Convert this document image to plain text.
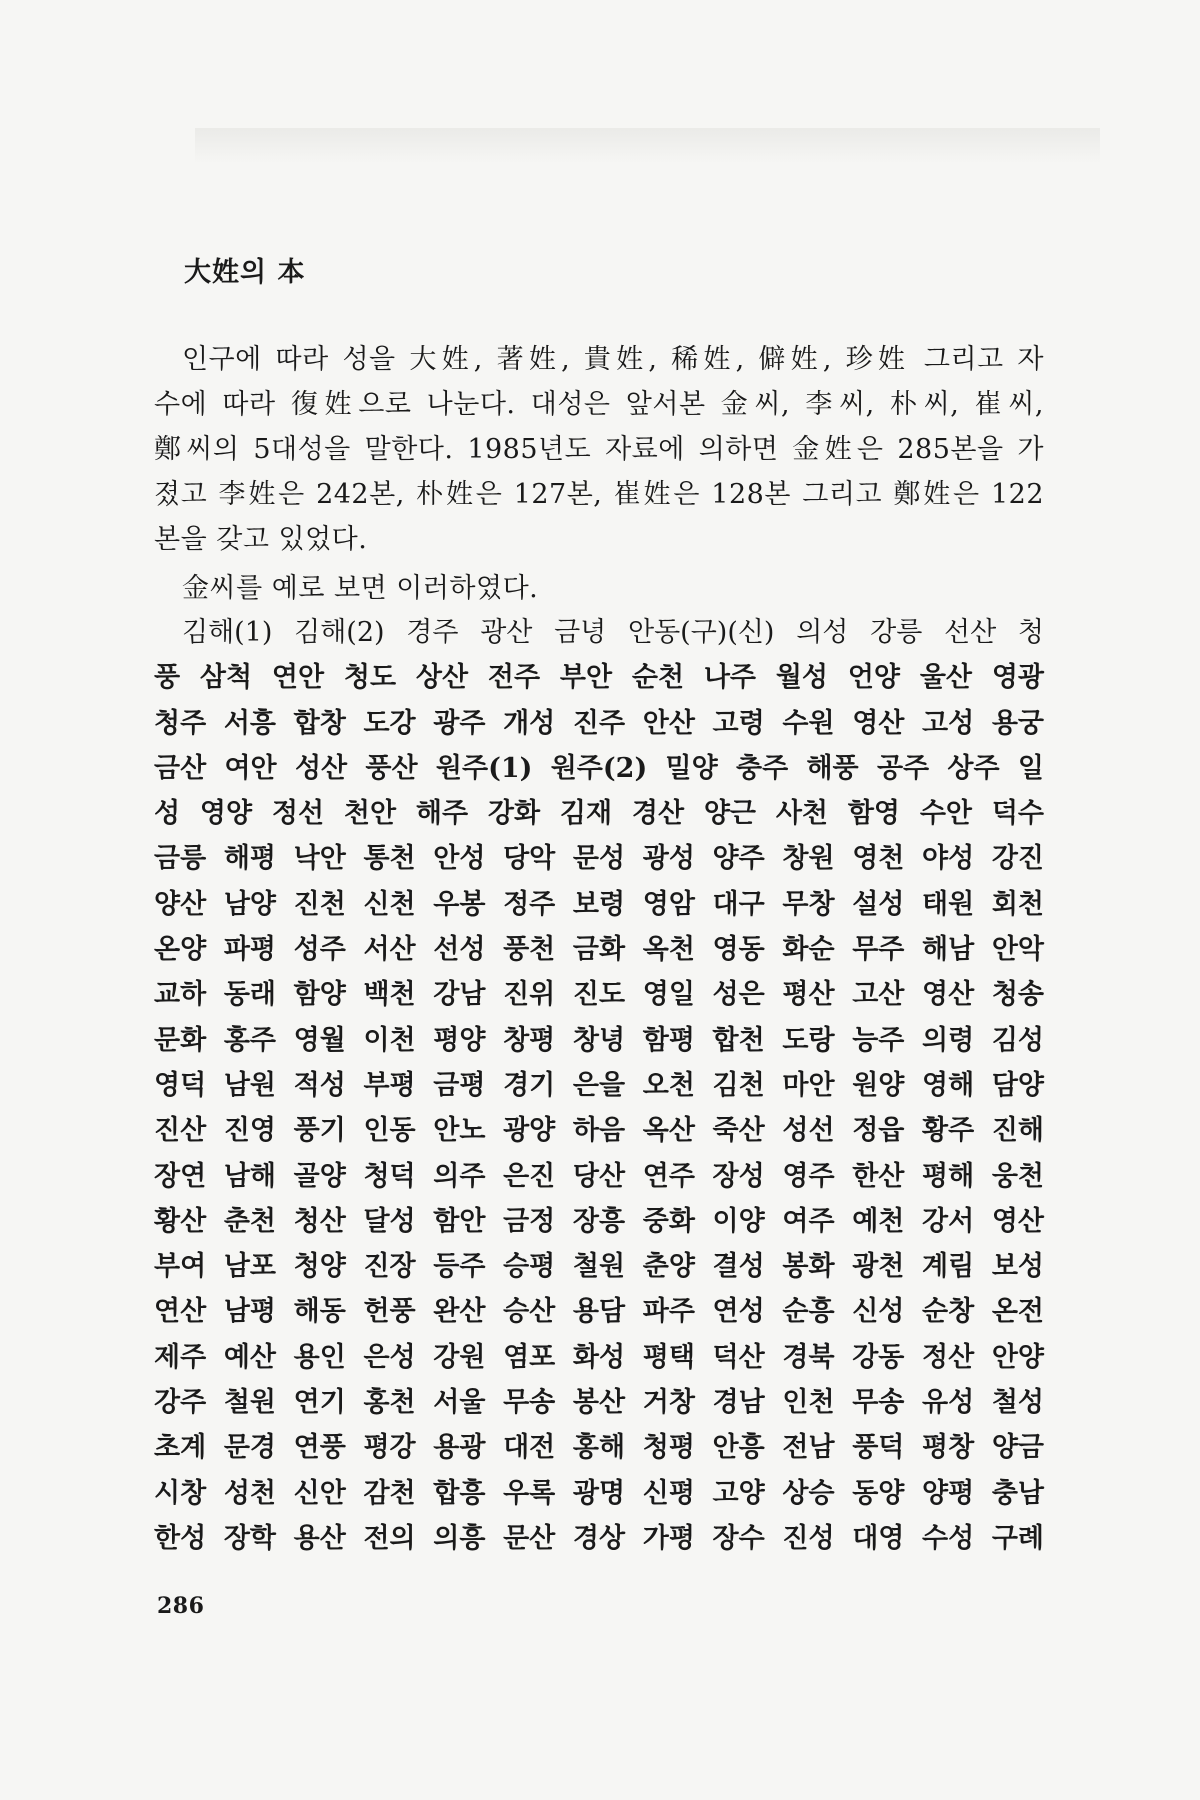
大姓의 本
인구에 따라 성을 大姓, 著姓, 貴姓, 稀姓, 僻姓, 珍姓 그리고 자
수에 따라 復姓으로 나눈다. 대성은 앞서본 金씨, 李씨, 朴씨, 崔씨,
鄭씨의 5대성을 말한다. 1985년도 자료에 의하면 金姓은 285본을 가
졌고 李姓은 242본, 朴姓은 127본, 崔姓은 128본 그리고 鄭姓은 122
본을 갖고 있었다.
金씨를 예로 보면 이러하였다.
김해(1) 김해(2) 경주 광산 금녕 안동(구)(신) 의성 강릉 선산 청
풍 삼척 연안 청도 상산 전주 부안 순천 나주 월성 언양 울산 영광
청주 서흥 합창 도강 광주 개성 진주 안산 고령 수원 영산 고성 용궁
금산 여안 성산 풍산 원주(1) 원주(2) 밀양 충주 해풍 공주 상주 일
성 영양 정선 천안 해주 강화 김재 경산 양근 사천 함영 수안 덕수
금릉 해평 낙안 통천 안성 당악 문성 광성 양주 창원 영천 야성 강진
양산 남양 진천 신천 우봉 정주 보령 영암 대구 무창 설성 태원 회천
온양 파평 성주 서산 선성 풍천 금화 옥천 영동 화순 무주 해남 안악
교하 동래 함양 백천 강남 진위 진도 영일 성은 평산 고산 영산 청송
문화 홍주 영월 이천 평양 창평 창녕 함평 합천 도랑 능주 의령 김성
영덕 남원 적성 부평 금평 경기 은을 오천 김천 마안 원양 영해 담양
진산 진영 풍기 인동 안노 광양 하음 옥산 죽산 성선 정읍 황주 진해
장연 남해 골양 청덕 의주 은진 당산 연주 장성 영주 한산 평해 웅천
황산 춘천 청산 달성 함안 금정 장흥 중화 이양 여주 예천 강서 영산
부여 남포 청양 진장 등주 승평 철원 춘양 결성 봉화 광천 계림 보성
연산 남평 해동 헌풍 완산 승산 용담 파주 연성 순흥 신성 순창 온전
제주 예산 용인 은성 강원 염포 화성 평택 덕산 경북 강동 정산 안양
강주 철원 연기 홍천 서울 무송 봉산 거창 경남 인천 무송 유성 철성
초계 문경 연풍 평강 용광 대전 홍해 청평 안흥 전남 풍덕 평창 양금
시창 성천 신안 감천 합흥 우록 광명 신평 고양 상승 동양 양평 충남
한성 장학 용산 전의 의흥 문산 경상 가평 장수 진성 대영 수성 구례
286
